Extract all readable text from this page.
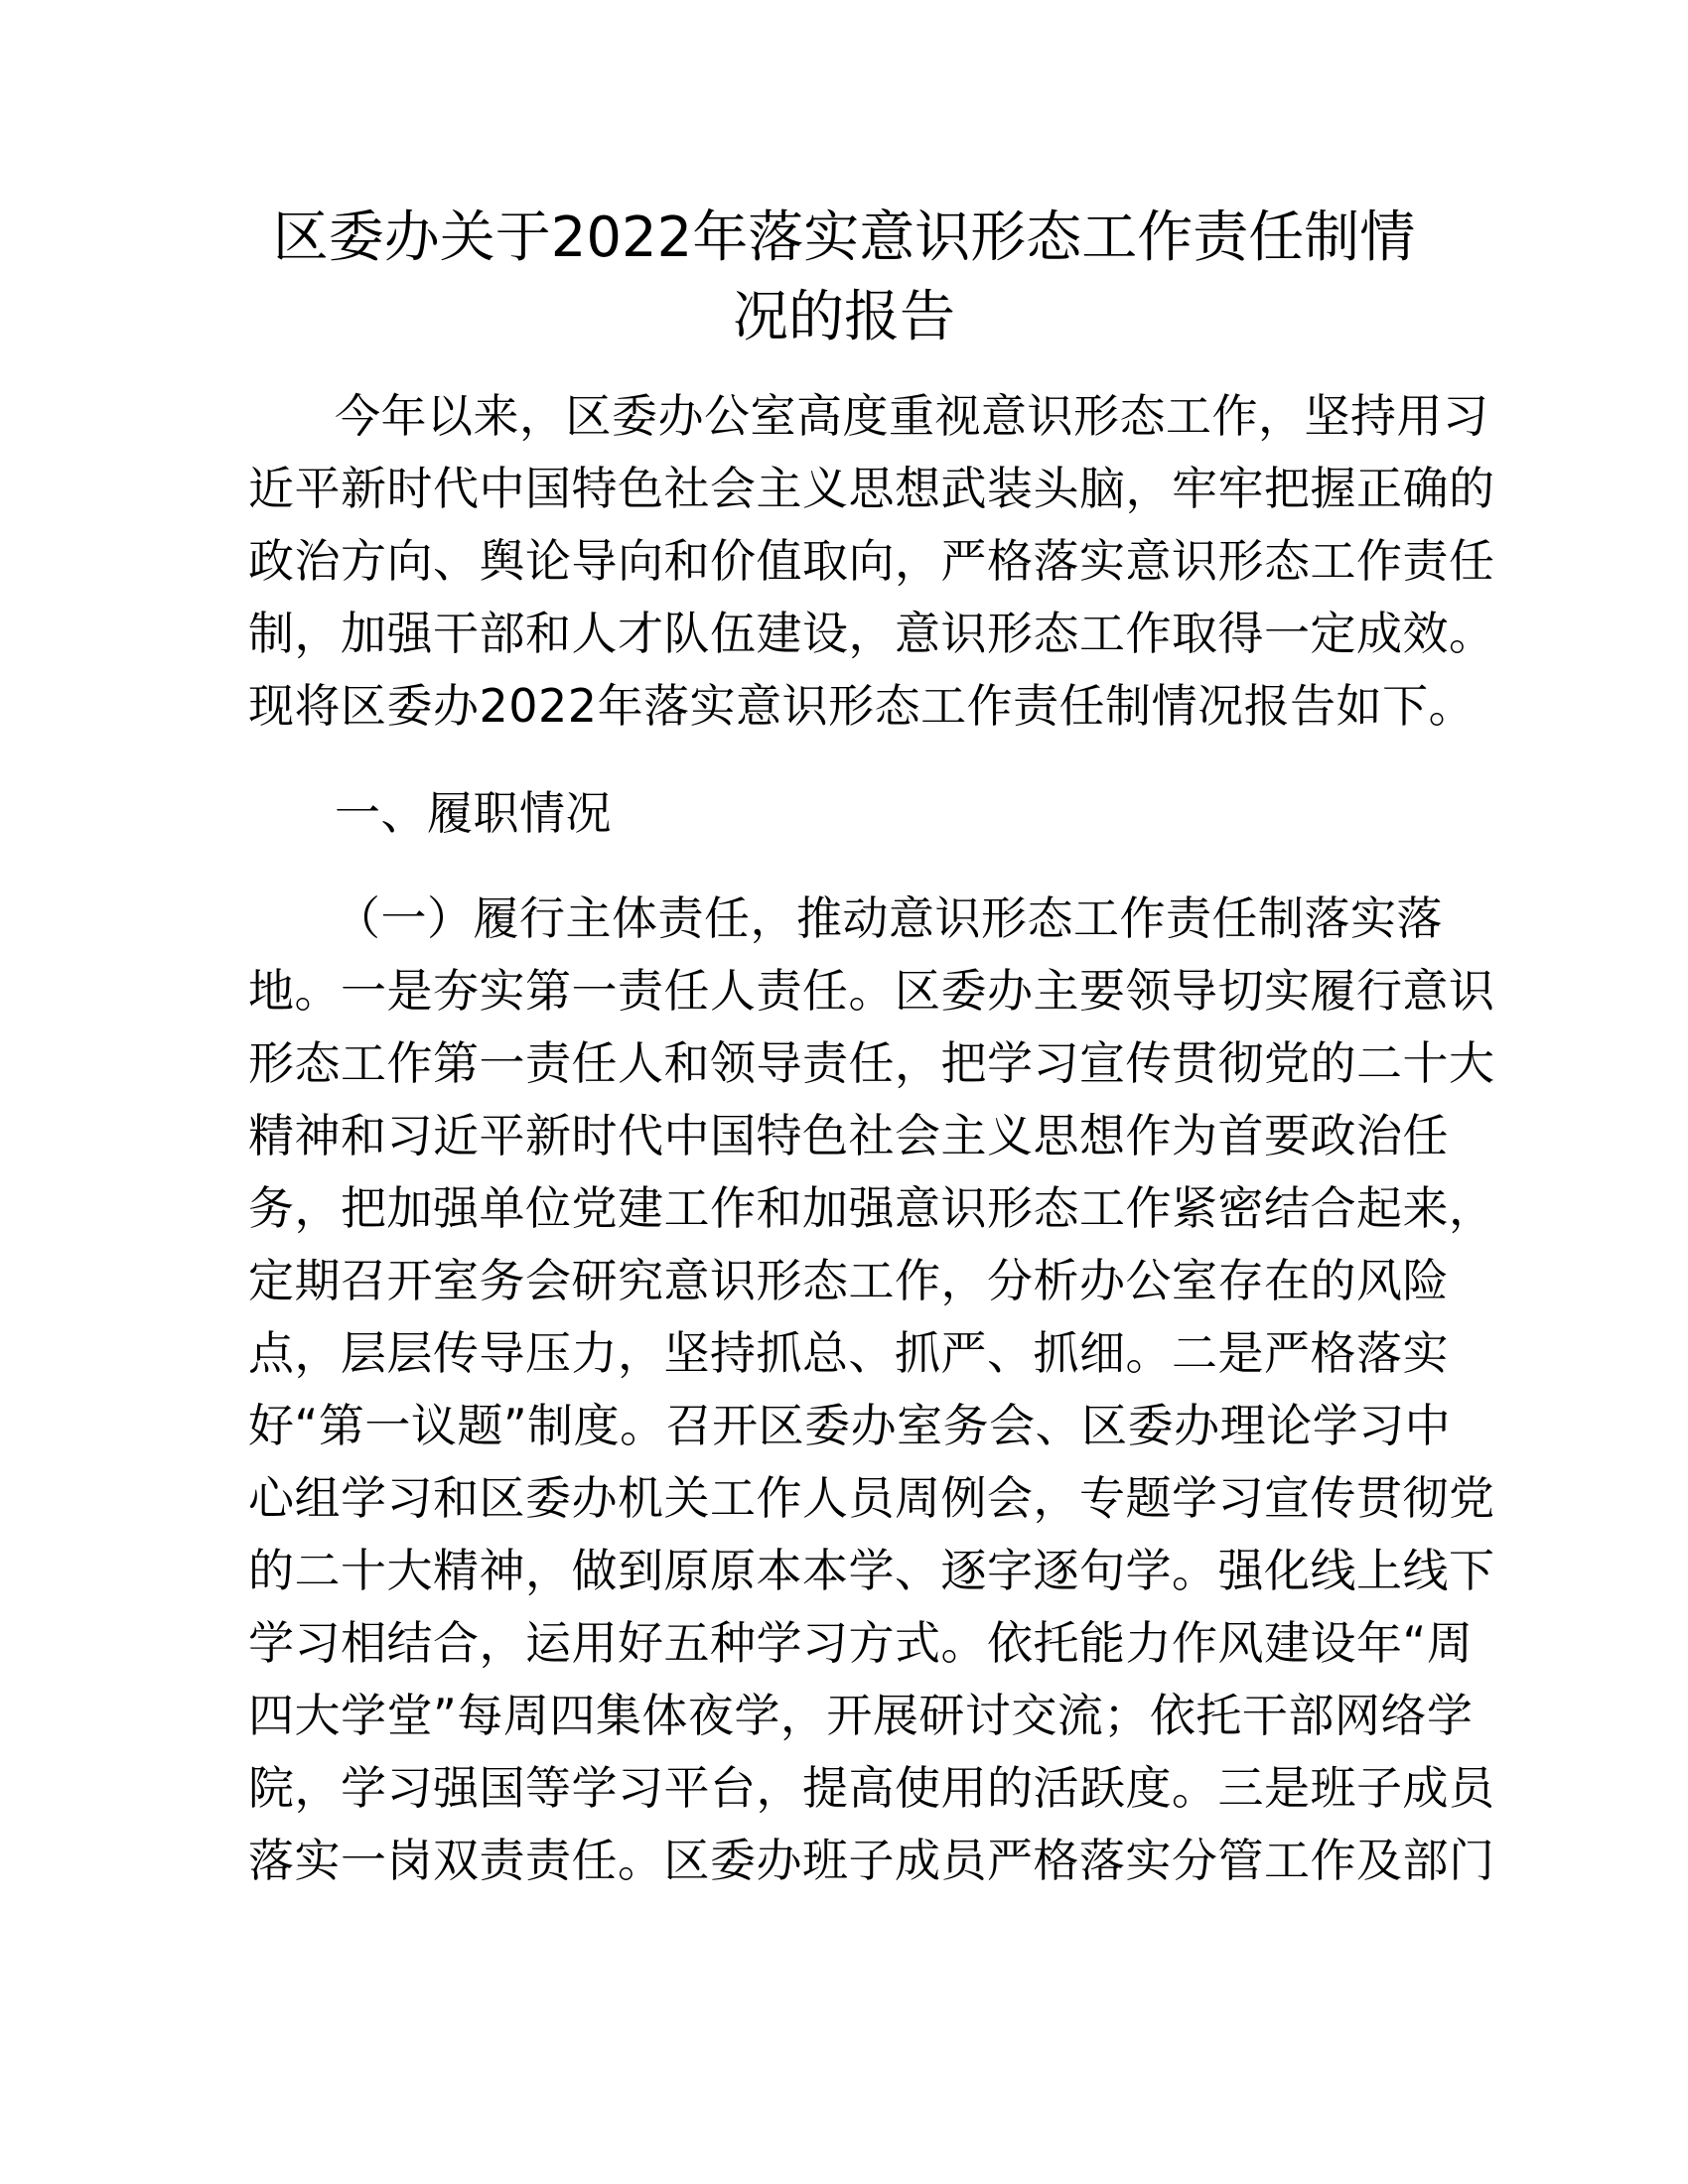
区委办关于2022年落实意识形态工作责任制情
况的报告
今年以来，区委办公室高度重视意识形态工作，坚持用习
近平新时代中国特色社会主义思想武装头脑，牢牢把握正确的
政治方向、舆论导向和价值取向，严格落实意识形态工作责任
制，加强干部和人才队伍建设，意识形态工作取得一定成效。
现将区委办2022年落实意识形态工作责任制情况报告如下。
一、履职情况
（一）履行主体责任，推动意识形态工作责任制落实落
地。一是夯实第一责任人责任。区委办主要领导切实履行意识
形态工作第一责任人和领导责任，把学习宣传贯彻党的二十大
精神和习近平新时代中国特色社会主义思想作为首要政治任
务，把加强单位党建工作和加强意识形态工作紧密结合起来，
定期召开室务会研究意识形态工作，分析办公室存在的风险
点，层层传导压力，坚持抓总、抓严、抓细。二是严格落实
好“第一议题”制度。召开区委办室务会、区委办理论学习中
心组学习和区委办机关工作人员周例会，专题学习宣传贯彻党
的二十大精神，做到原原本本学、逐字逐句学。强化线上线下
学习相结合，运用好五种学习方式。依托能力作风建设年“周
四大学堂”每周四集体夜学，开展研讨交流；依托干部网络学
院，学习强国等学习平台，提高使用的活跃度。三是班子成员
落实一岗双责责任。区委办班子成员严格落实分管工作及部门
